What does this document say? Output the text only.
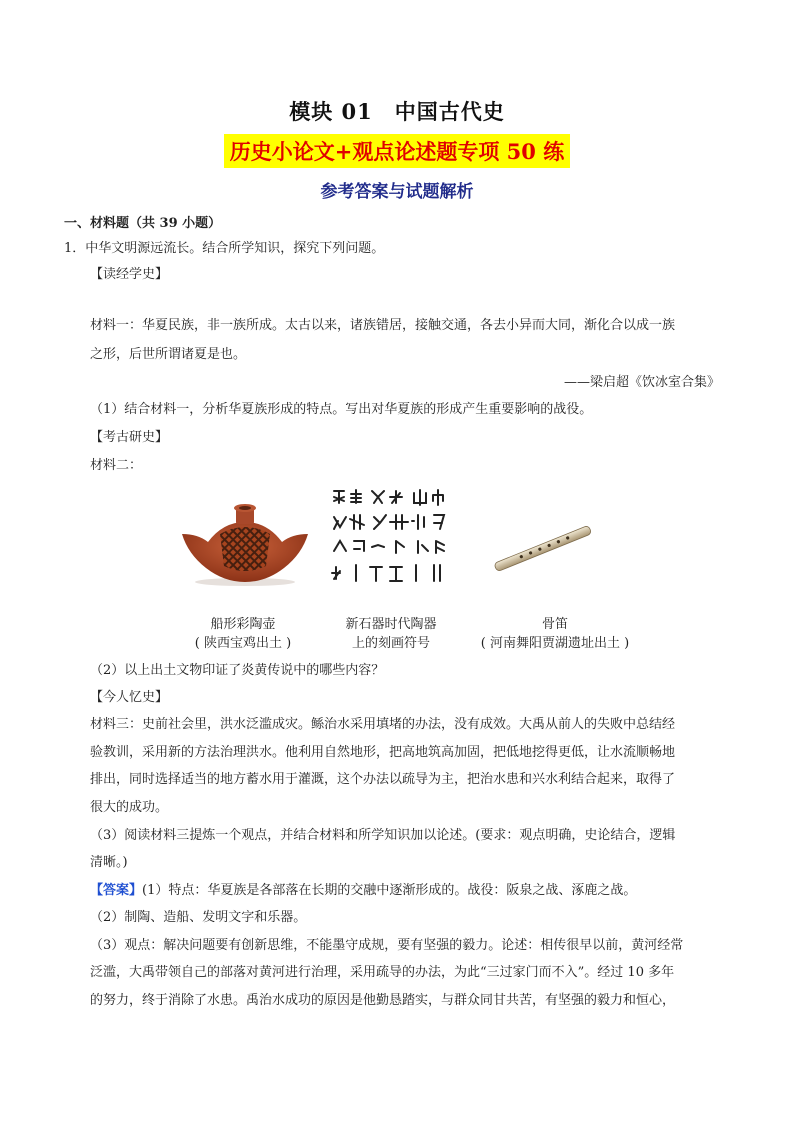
模块 01 中国古代史
历史小论文+观点论述题专项 50 练
参考答案与试题解析
一、材料题（共 39 小题）
1．中华文明源远流长。结合所学知识，探究下列问题。
【读经学史】
材料一：华夏民族，非一族所成。太古以来，诸族错居，接触交通，各去小异而大同，渐化合以成一族
之形，后世所谓诸夏是也。
——梁启超《饮冰室合集》
（1）结合材料一，分析华夏族形成的特点。写出对华夏族的形成产生重要影响的战役。
【考古研史】
材料二：
船形彩陶壶
( 陕西宝鸡出土 )
新石器时代陶器
上的刻画符号
骨笛
( 河南舞阳贾湖遗址出土 )
（2）以上出土文物印证了炎黄传说中的哪些内容？
【今人忆史】
材料三：史前社会里，洪水泛滥成灾。鲧治水采用填堵的办法，没有成效。大禹从前人的失败中总结经
验教训，采用新的方法治理洪水。他利用自然地形，把高地筑高加固，把低地挖得更低，让水流顺畅地
排出，同时选择适当的地方蓄水用于灌溉，这个办法以疏导为主，把治水患和兴水利结合起来，取得了
很大的成功。
（3）阅读材料三提炼一个观点，并结合材料和所学知识加以论述。(要求：观点明确，史论结合，逻辑
清晰。)
【答案】(1）特点：华夏族是各部落在长期的交融中逐渐形成的。战役：阪泉之战、涿鹿之战。
（2）制陶、造船、发明文字和乐器。
（3）观点：解决问题要有创新思维，不能墨守成规，要有坚强的毅力。论述：相传很早以前，黄河经常
泛滥，大禹带领自己的部落对黄河进行治理，采用疏导的办法，为此“三过家门而不入”。经过 10 多年
的努力，终于消除了水患。禹治水成功的原因是他勤恳踏实，与群众同甘共苦，有坚强的毅力和恒心，
